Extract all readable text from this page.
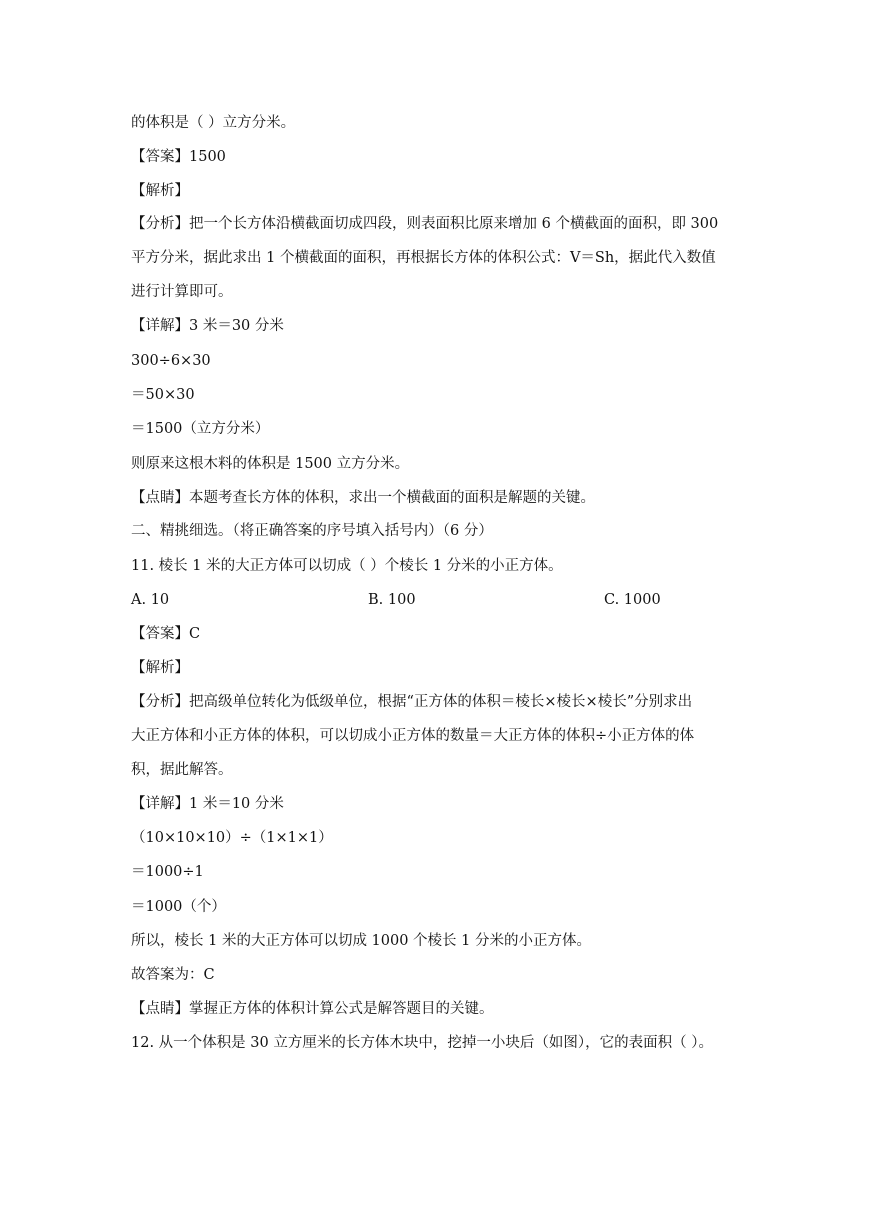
的体积是（ ）立方分米。
【答案】1500
【解析】
【分析】把一个长方体沿横截面切成四段，则表面积比原来增加 6 个横截面的面积，即 300
平方分米，据此求出 1 个横截面的面积，再根据长方体的体积公式：V＝Sh，据此代入数值
进行计算即可。
【详解】3 米＝30 分米
300÷6×30
＝50×30
＝1500（立方分米）
则原来这根木料的体积是 1500 立方分米。
【点睛】本题考查长方体的体积，求出一个横截面的面积是解题的关键。
二、精挑细选。（将正确答案的序号填入括号内）（6 分）
11. 棱长 1 米的大正方体可以切成（ ）个棱长 1 分米的小正方体。
A. 10	B. 100	C. 1000
【答案】C
【解析】
【分析】把高级单位转化为低级单位，根据“正方体的体积＝棱长×棱长×棱长”分别求出
大正方体和小正方体的体积，可以切成小正方体的数量＝大正方体的体积÷小正方体的体
积，据此解答。
【详解】1 米＝10 分米
（10×10×10）÷（1×1×1）
＝1000÷1
＝1000（个）
所以，棱长 1 米的大正方体可以切成 1000 个棱长 1 分米的小正方体。
故答案为：C
【点睛】掌握正方体的体积计算公式是解答题目的关键。
12. 从一个体积是 30 立方厘米的长方体木块中，挖掉一小块后（如图），它的表面积（ ）。
